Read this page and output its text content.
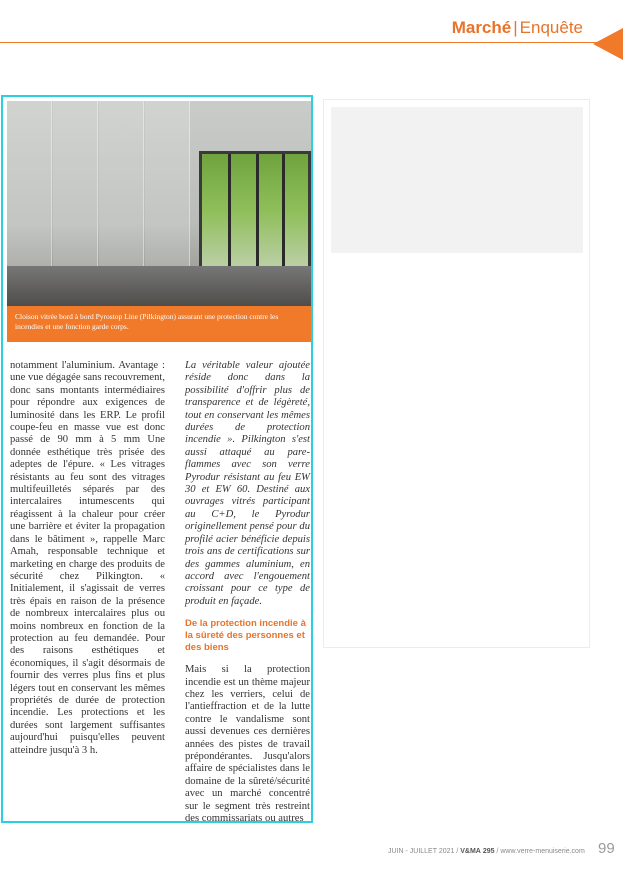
Marché | Enquête
Cloison vitrée bord à bord Pyrostop Line (Pilkington) assurant une protection contre les incendies et une fonction garde corps.

notamment l'aluminium. Avantage : une vue dégagée sans recouvrement, donc sans montants intermédiaires pour répondre aux exigences de luminosité dans les ERP. Le profil coupe-feu en masse vue est donc passé de 90 mm à 5 mm Une donnée esthétique très prisée des adeptes de l'épure. « Les vitrages résistants au feu sont des vitrages multifeuilletés séparés par des intercalaires intumescents qui réagissent à la chaleur pour créer une barrière et éviter la propagation dans le bâtiment », rappelle Marc Amah, responsable technique et marketing en charge des produits de sécurité chez Pilkington. « Initialement, il s'agissait de verres très épais en raison de la présence de nombreux intercalaires plus ou moins nombreux en fonction de la protection au feu demandée. Pour des raisons esthétiques et économiques, il s'agit désormais de fournir des verres plus fins et plus légers tout en conservant les mêmes propriétés de durée de protection incendie. Les protections et les durées sont largement suffisantes aujourd'hui puisqu'elles peuvent atteindre jusqu'à 3 h.

La véritable valeur ajoutée réside donc dans la possibilité d'offrir plus de transparence et de légèreté, tout en conservant les mêmes durées de protection incendie ». Pilkington s'est aussi attaqué au pare-flammes avec son verre Pyrodur résistant au feu EW 30 et EW 60. Destiné aux ouvrages vitrés participant au C+D, le Pyrodur originellement pensé pour du profilé acier bénéficie depuis trois ans de certifications sur des gammes aluminium, en accord avec l'engouement croissant pour ce type de produit en façade.

De la protection incendie à la sûreté des personnes et des biens

Mais si la protection incendie est un thème majeur chez les verriers, celui de l'antieffraction et de la lutte contre le vandalisme sont aussi devenues ces dernières années des pistes de travail prépondérantes. Jusqu'alors affaire de spécialistes dans le domaine de la sûreté/sécurité avec un marché concentré sur le segment très restreint des commissariats ou autres

JUIN - JUILLET 2021 / V&MA 295 / www.verre-menuiserie.com 99
